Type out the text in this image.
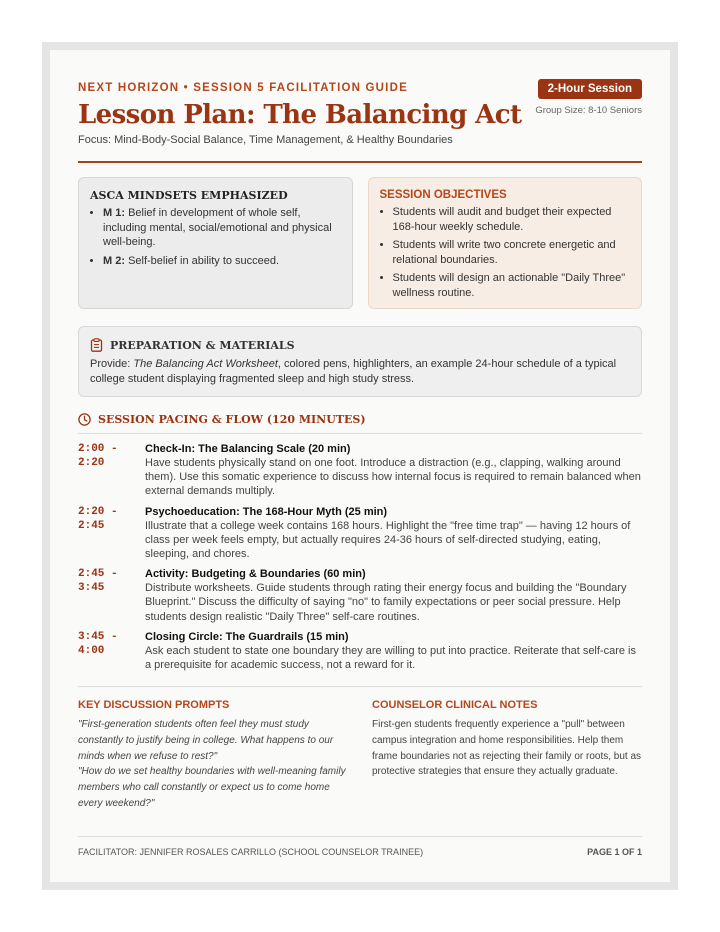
NEXT HORIZON • SESSION 5 FACILITATION GUIDE	2-Hour Session
Group Size: 8-10 Seniors
Lesson Plan: The Balancing Act
Focus: Mind-Body-Social Balance, Time Management, & Healthy Boundaries
ASCA MINDSETS EMPHASIZED
• M 1: Belief in development of whole self, including mental, social/emotional and physical well-being.
• M 2: Self-belief in ability to succeed.
SESSION OBJECTIVES
• Students will audit and budget their expected 168-hour weekly schedule.
• Students will write two concrete energetic and relational boundaries.
• Students will design an actionable "Daily Three" wellness routine.
PREPARATION & MATERIALS

Provide: The Balancing Act Worksheet, colored pens, highlighters, an example 24-hour schedule of a typical college student displaying fragmented sleep and high study stress.

SESSION PACING & FLOW (120 MINUTES)
2:00 -
2:20
Check-In: The Balancing Scale (20 min)
Have students physically stand on one foot. Introduce a distraction (e.g., clapping, walking around them). Use this somatic experience to discuss how internal focus is required to remain balanced when external demands multiply.
2:20 -
2:45
Psychoeducation: The 168-Hour Myth (25 min)
Illustrate that a college week contains 168 hours. Highlight the "free time trap" — having 12 hours of class per week feels empty, but actually requires 24-36 hours of self-directed studying, eating, sleeping, and chores.
2:45 -
3:45
Activity: Budgeting & Boundaries (60 min)
Distribute worksheets. Guide students through rating their energy focus and building the "Boundary Blueprint." Discuss the difficulty of saying "no" to family expectations or peer social pressure. Help students design realistic "Daily Three" self-care routines.
3:45 -
4:00
Closing Circle: The Guardrails (15 min)
Ask each student to state one boundary they are willing to put into practice. Reiterate that self-care is a prerequisite for academic success, not a reward for it.
KEY DISCUSSION PROMPTS
"First-generation students often feel they must study constantly to justify being in college. What happens to our minds when we refuse to rest?"
"How do we set healthy boundaries with well-meaning family members who call constantly or expect us to come home every weekend?"
COUNSELOR CLINICAL NOTES
First-gen students frequently experience a "pull" between campus integration and home responsibilities. Help them frame boundaries not as rejecting their family or roots, but as protective strategies that ensure they actually graduate.
FACILITATOR: JENNIFER ROSALES CARRILLO (SCHOOL COUNSELOR TRAINEE)	PAGE 1 OF 1
